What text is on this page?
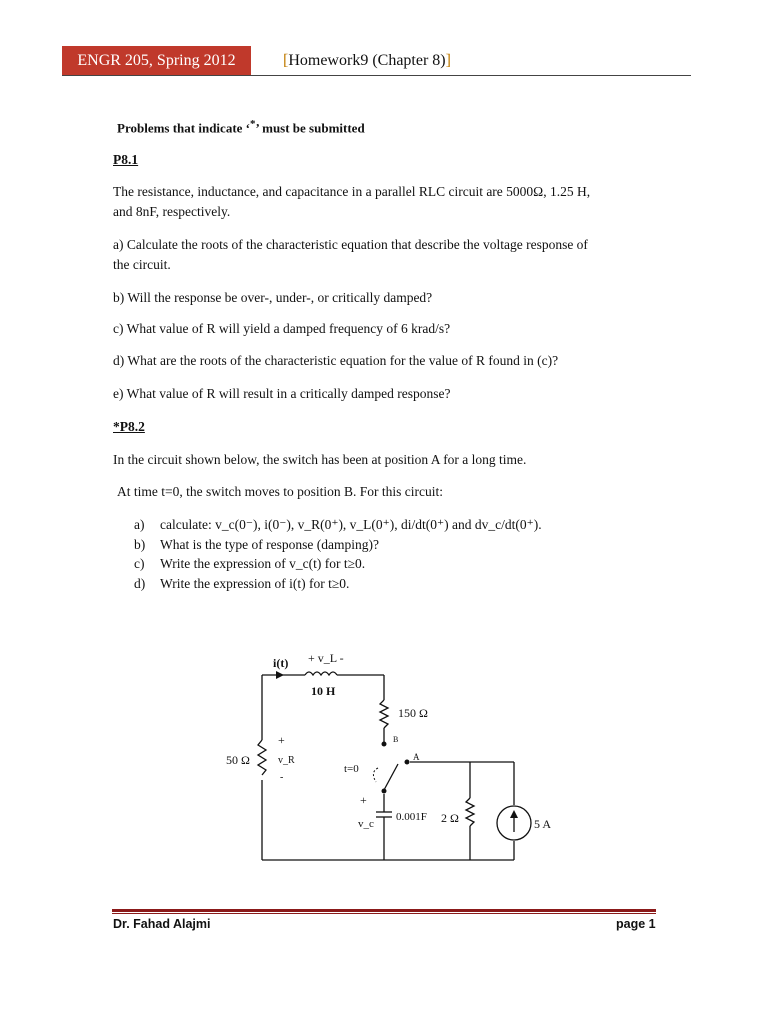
ENGR 205, Spring 2012	[Homework9 (Chapter 8)]
Problems that indicate ‘*’ must be submitted
P8.1
The resistance, inductance, and capacitance in a parallel RLC circuit are 5000Ω, 1.25 H,
and 8nF, respectively.
a) Calculate the roots of the characteristic equation that describe the voltage response of
the circuit.
b) Will the response be over-, under-, or critically damped?
c) What value of R will yield a damped frequency of 6 krad/s?
d) What are the roots of the characteristic equation for the value of R found in (c)?
e) What value of R will result in a critically damped response?
*P8.2
In the circuit shown below, the switch has been at position A for a long time.
At time t=0, the switch moves to position B. For this circuit:
a)	calculate: v_c(0⁻), i(0⁻), v_R(0⁺), v_L(0⁺), di/dt(0⁺) and dv_c/dt(0⁺).
b)	What is the type of response (damping)?
c)	Write the expression of v_c(t) for t≥0.
d)	Write the expression of i(t) for t≥0.
i(t) + v_L -
10 H
150 Ω
50 Ω	v_R
+
-
t=0
A
B
+
v_c
0.001F 2 Ω	5 A
Dr. Fahad Alajmi	page 1
